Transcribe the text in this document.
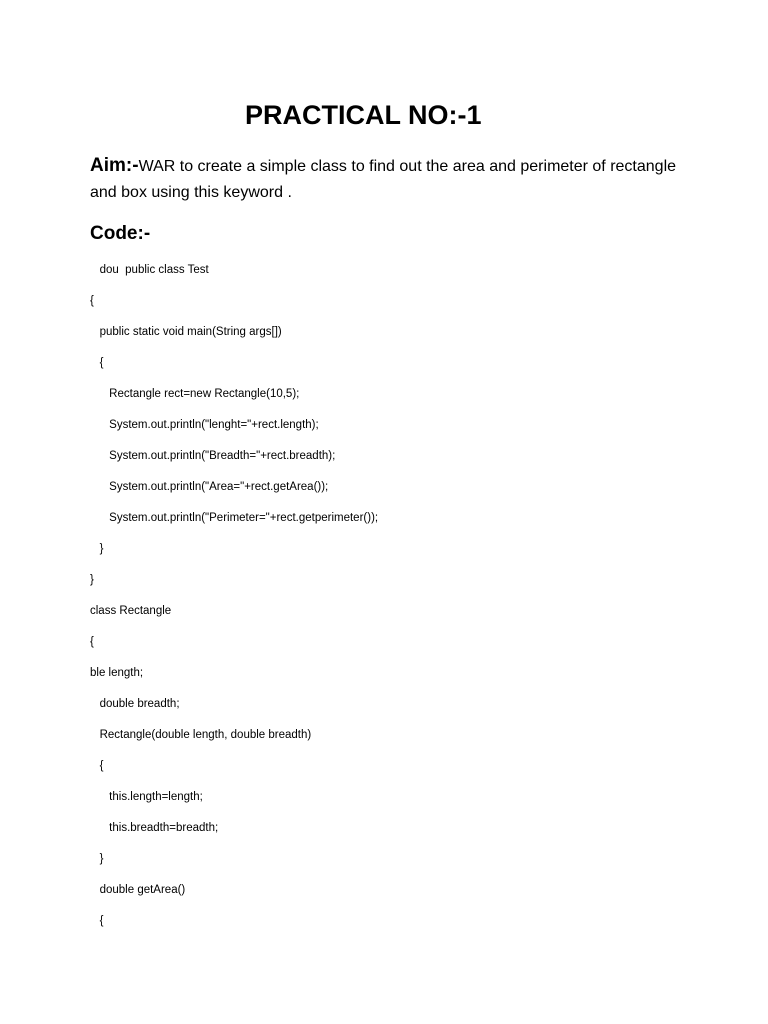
PRACTICAL NO:-1
Aim:-WAR to create a simple class to find out the area and perimeter of rectangle and box using this keyword .
Code:-
dou  public class Test
{
public static void main(String args[])
{
Rectangle rect=new Rectangle(10,5);
System.out.println("lenght="+rect.length);
System.out.println("Breadth="+rect.breadth);
System.out.println("Area="+rect.getArea());
System.out.println("Perimeter="+rect.getperimeter());
}
}
class Rectangle
{
ble length;
double breadth;
Rectangle(double length, double breadth)
{
this.length=length;
this.breadth=breadth;
}
double getArea()
{
